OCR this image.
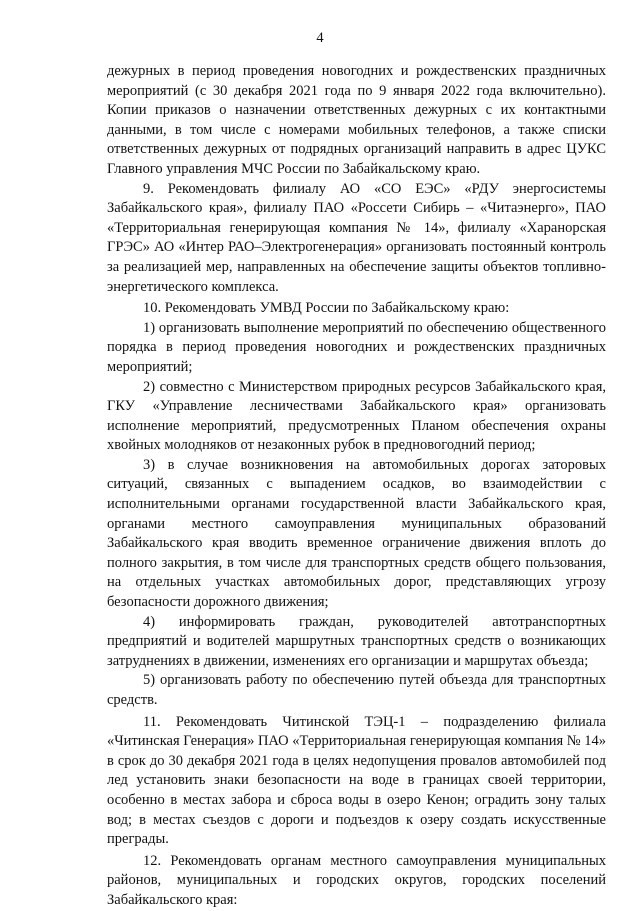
4

дежурных в период проведения новогодних и рождественских праздничных мероприятий (с 30 декабря 2021 года по 9 января 2022 года включительно). Копии приказов о назначении ответственных дежурных с их контактными данными, в том числе с номерами мобильных телефонов, а также списки ответственных дежурных от подрядных организаций направить в адрес ЦУКС Главного управления МЧС России по Забайкальскому краю.

9. Рекомендовать филиалу АО «СО ЕЭС» «РДУ энергосистемы Забайкальского края», филиалу ПАО «Россети Сибирь – «Читаэнерго», ПАО «Территориальная генерирующая компания № 14», филиалу «Харанорская ГРЭС» АО «Интер РАО–Электрогенерация» организовать постоянный контроль за реализацией мер, направленных на обеспечение защиты объектов топливно-энергетического комплекса.

10. Рекомендовать УМВД России по Забайкальскому краю:

1) организовать выполнение мероприятий по обеспечению общественного порядка в период проведения новогодних и рождественских праздничных мероприятий;

2) совместно с Министерством природных ресурсов Забайкальского края, ГКУ «Управление лесничествами Забайкальского края» организовать исполнение мероприятий, предусмотренных Планом обеспечения охраны хвойных молодняков от незаконных рубок в предновогодний период;

3) в случае возникновения на автомобильных дорогах заторовых ситуаций, связанных с выпадением осадков, во взаимодействии с исполнительными органами государственной власти Забайкальского края, органами местного самоуправления муниципальных образований Забайкальского края вводить временное ограничение движения вплоть до полного закрытия, в том числе для транспортных средств общего пользования, на отдельных участках автомобильных дорог, представляющих угрозу безопасности дорожного движения;

4) информировать граждан, руководителей автотранспортных предприятий и водителей маршрутных транспортных средств о возникающих затруднениях в движении, изменениях его организации и маршрутах объезда;

5) организовать работу по обеспечению путей объезда для транспортных средств.

11. Рекомендовать Читинской ТЭЦ-1 – подразделению филиала «Читинская Генерация» ПАО «Территориальная генерирующая компания № 14» в срок до 30 декабря 2021 года в целях недопущения провалов автомобилей под лед установить знаки безопасности на воде в границах своей территории, особенно в местах забора и сброса воды в озеро Кенон; оградить зону талых вод; в местах съездов с дороги и подъездов к озеру создать искусственные преграды.

12. Рекомендовать органам местного самоуправления муниципальных районов, муниципальных и городских округов, городских поселений Забайкальского края:
